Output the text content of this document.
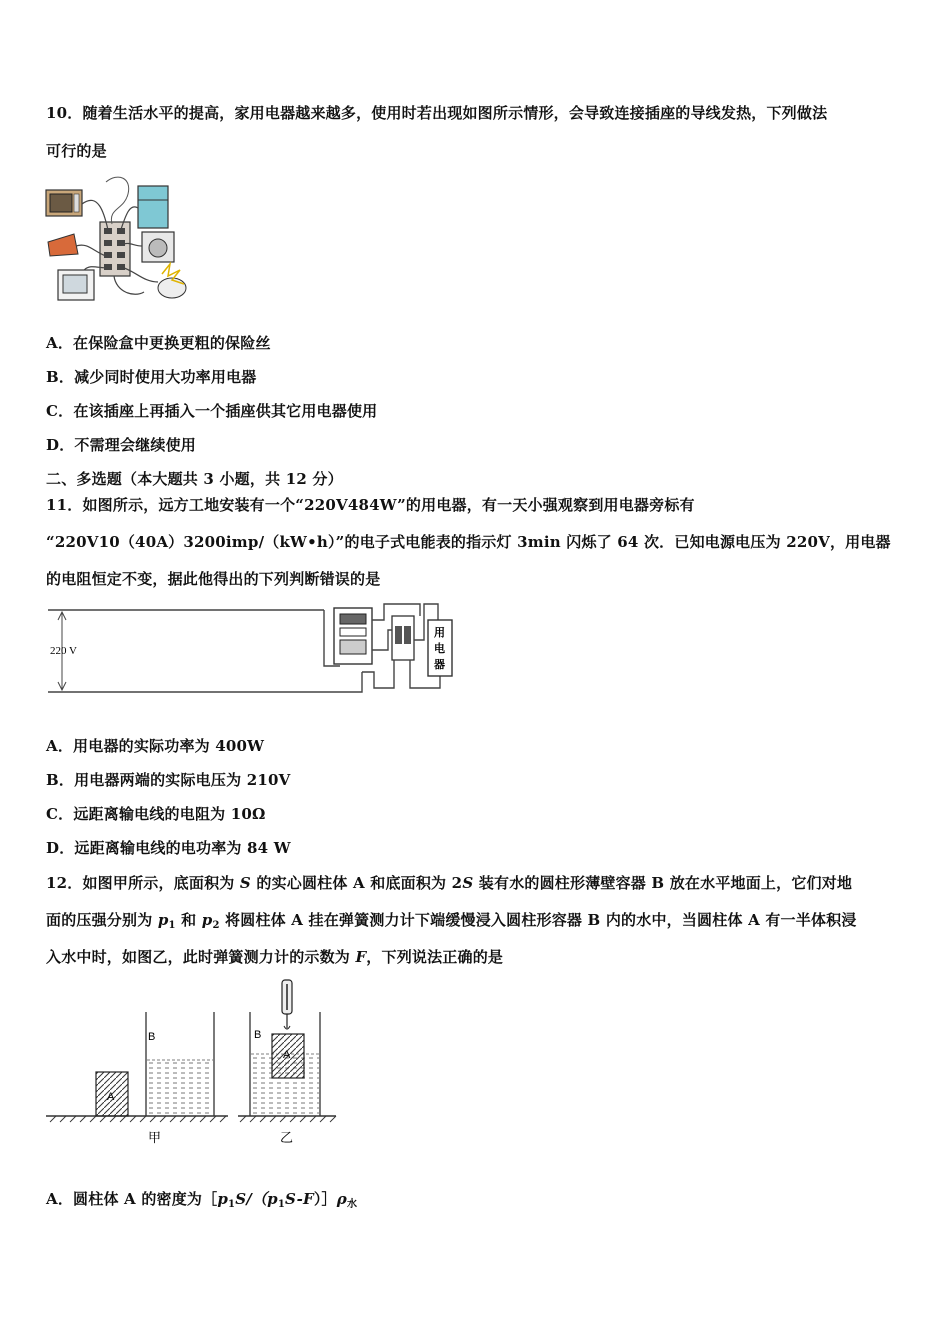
10．随着生活水平的提高，家用电器越来越多，使用时若出现如图所示情形，会导致连接插座的导线发热，下列做法
可行的是
A．在保险盒中更换更粗的保险丝
B．减少同时使用大功率用电器
C．在该插座上再插入一个插座供其它用电器使用
D．不需理会继续使用
二、多选题（本大题共 3 小题，共 12 分）
11．如图所示，远方工地安装有一个“220V484W”的用电器，有一天小强观察到用电器旁标有
“220V10（40A）3200imp/（kW•h）”的电子式电能表的指示灯 3min 闪烁了 64 次．已知电源电压为 220V，用电器
的电阻恒定不变，据此他得出的下列判断错误的是
220 V
用
电
器
A．用电器的实际功率为 400W
B．用电器两端的实际电压为 210V
C．远距离输电线的电阻为 10Ω
D．远距离输电线的电功率为 84 W
12．如图甲所示，底面积为 S 的实心圆柱体 A 和底面积为 2S 装有水的圆柱形薄壁容器 B 放在水平地面上，它们对地
面的压强分别为 $p_1$ 和 $p_2$ 将圆柱体 A 挂在弹簧测力计下端缓慢浸入圆柱形容器 B 内的水中，当圆柱体 A 有一半体积浸
入水中时，如图乙，此时弹簧测力计的示数为 F，下列说法正确的是
A
B
甲
B
A
乙
A．圆柱体 A 的密度为$[p_1S/(p_1S-F)]\rho_水$
